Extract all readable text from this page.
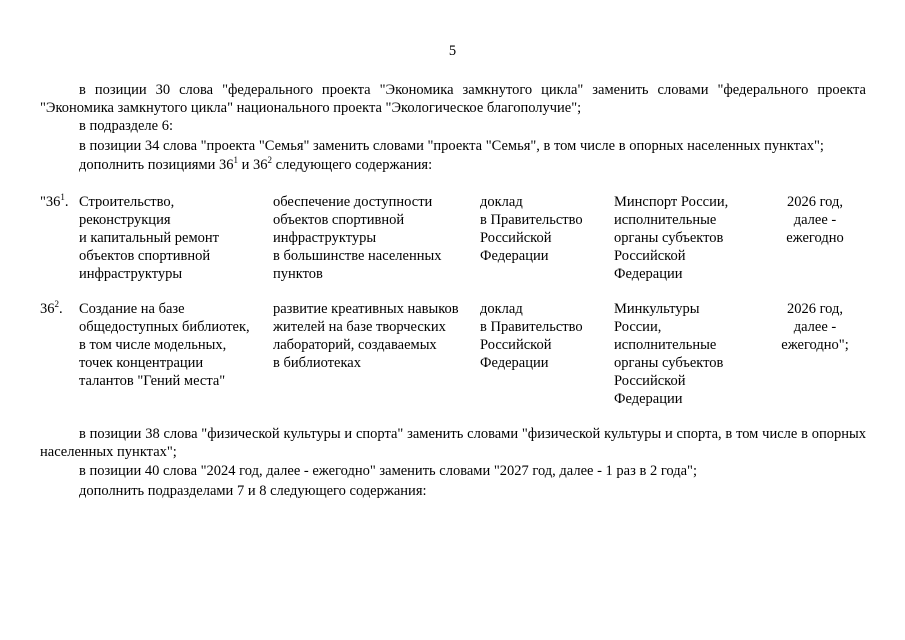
5

в позиции 30 слова "федерального проекта "Экономика замкнутого цикла" заменить словами "федерального проекта "Экономика замкнутого цикла" национального проекта "Экологическое благополучие";

в подразделе 6:

в позиции 34 слова "проекта "Семья" заменить словами "проекта "Семья", в том числе в опорных населенных пунктах";

дополнить позициями $36^1$ и $36^2$ следующего содержания:

"$36^1$. Строительство,
реконструкция
и капитальный ремонт
объектов спортивной
инфраструктуры
обеспечение доступности
объектов спортивной
инфраструктуры
в большинстве населенных
пунктов
доклад
в Правительство
Российской
Федерации
Минспорт России,
исполнительные
органы субъектов
Российской
Федерации
2026 год,
далее -
ежегодно
$36^2$.	Создание на базе
общедоступных библиотек,
в том числе модельных,
точек концентрации
талантов "Гений места"
развитие креативных навыков
жителей на базе творческих
лабораторий, создаваемых
в библиотеках
доклад
в Правительство
Российской
Федерации
Минкультуры
России,
исполнительные
органы субъектов
Российской
Федерации
2026 год,
далее -
ежегодно";

в позиции 38 слова "физической культуры и спорта" заменить словами "физической культуры и спорта, в том числе в опорных населенных пунктах";

в позиции 40 слова "2024 год, далее - ежегодно" заменить словами "2027 год, далее - 1 раз в 2 года";

дополнить подразделами 7 и 8 следующего содержания:
